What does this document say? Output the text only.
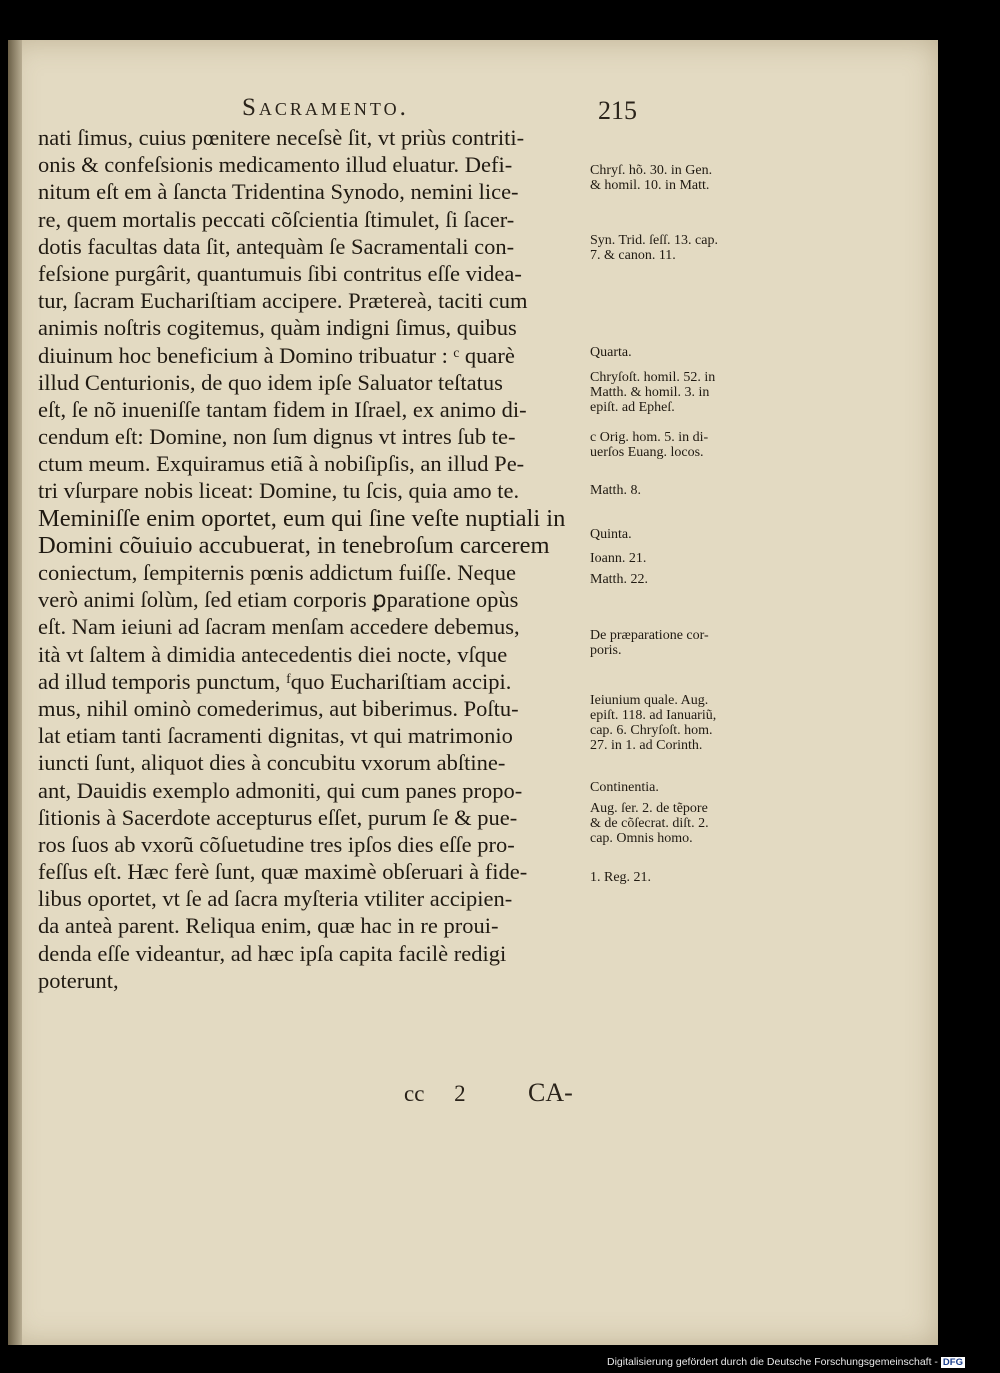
Sacramento.	215
nati ſimus, cuius pœnitere neceſsè ſit, vt priùs contriti-
onis & confeſsionis medicamento illud eluatur. Defi-
nitum eſt em à ſancta Tridentina Synodo, nemini lice-
re, quem mortalis peccati cõſcientia ſtimulet, ſi ſacer-
dotis facultas data ſit, antequàm ſe Sacramentali con-
feſsione purgârit, quantumuis ſibi contritus eſſe videa-
tur, ſacram Euchariſtiam accipere. Prætereà, taciti cum
animis noſtris cogitemus, quàm indigni ſimus, quibus
diuinum hoc beneficium à Domino tribuatur : ᶜ quarè
illud Centurionis, de quo idem ipſe Saluator teſtatus
eſt, ſe nõ inueniſſe tantam fidem in Iſrael, ex animo di-
cendum eſt: Domine, non ſum dignus vt intres ſub te-
ctum meum. Exquiramus etiã à nobiſipſis, an illud Pe-
tri vſurpare nobis liceat: Domine, tu ſcis, quia amo te.
Meminiſſe enim oportet, eum qui ſine veſte nuptiali in
Domini cõuiuio accubuerat, in tenebroſum carcerem
coniectum, ſempiternis pœnis addictum fuiſſe. Neque
verò animi ſolùm, ſed etiam corporis ꝑparatione opùs
eſt. Nam ieiuni ad ſacram menſam accedere debemus,
ità vt ſaltem à dimidia antecedentis diei nocte, vſque
ad illud temporis punctum, ᶠquo Euchariſtiam accipi.
mus, nihil ominò comederimus, aut biberimus. Poſtu-
lat etiam tanti ſacramenti dignitas, vt qui matrimonio
iuncti ſunt, aliquot dies à concubitu vxorum abſtine-
ant, Dauidis exemplo admoniti, qui cum panes propo-
ſitionis à Sacerdote accepturus eſſet, purum ſe & pue-
ros ſuos ab vxorũ cõſuetudine tres ipſos dies eſſe pro-
feſſus eſt. Hæc ferè ſunt, quæ maximè obſeruari à fide-
libus oportet, vt ſe ad ſacra myſteria vtiliter accipien-
da anteà parent. Reliqua enim, quæ hac in re prouі-
denda eſſe videantur, ad hæc ipſa capita facilè redigi
poterunt,
Chryſ. hõ. 30. in Gen.
& homil. 10. in Matt.
Syn. Trid. ſeſſ. 13. cap.
7. & canon. 11.
Quarta.
Chryſoſt. homil. 52. in
Matth. & homil. 3. in
epiſt. ad Epheſ.
c Orig. hom. 5. in di-
uerſos Euang. locos.
Matth. 8.
Quinta.
Ioann. 21.
Matth. 22.
De præparatione cor-
poris.
Ieiunium quale. Aug.
epiſt. 118. ad Ianuariũ,
cap. 6. Chryſoſt. hom.
27. in 1. ad Corinth.
Continentia.
Aug. ſer. 2. de tẽpore
& de cõſecrat. diſt. 2.
cap. Omnis homo.
1. Reg. 21.
cc 2 CA-
Digitalisierung gefördert durch die Deutsche Forschungsgemeinschaft - DFG
